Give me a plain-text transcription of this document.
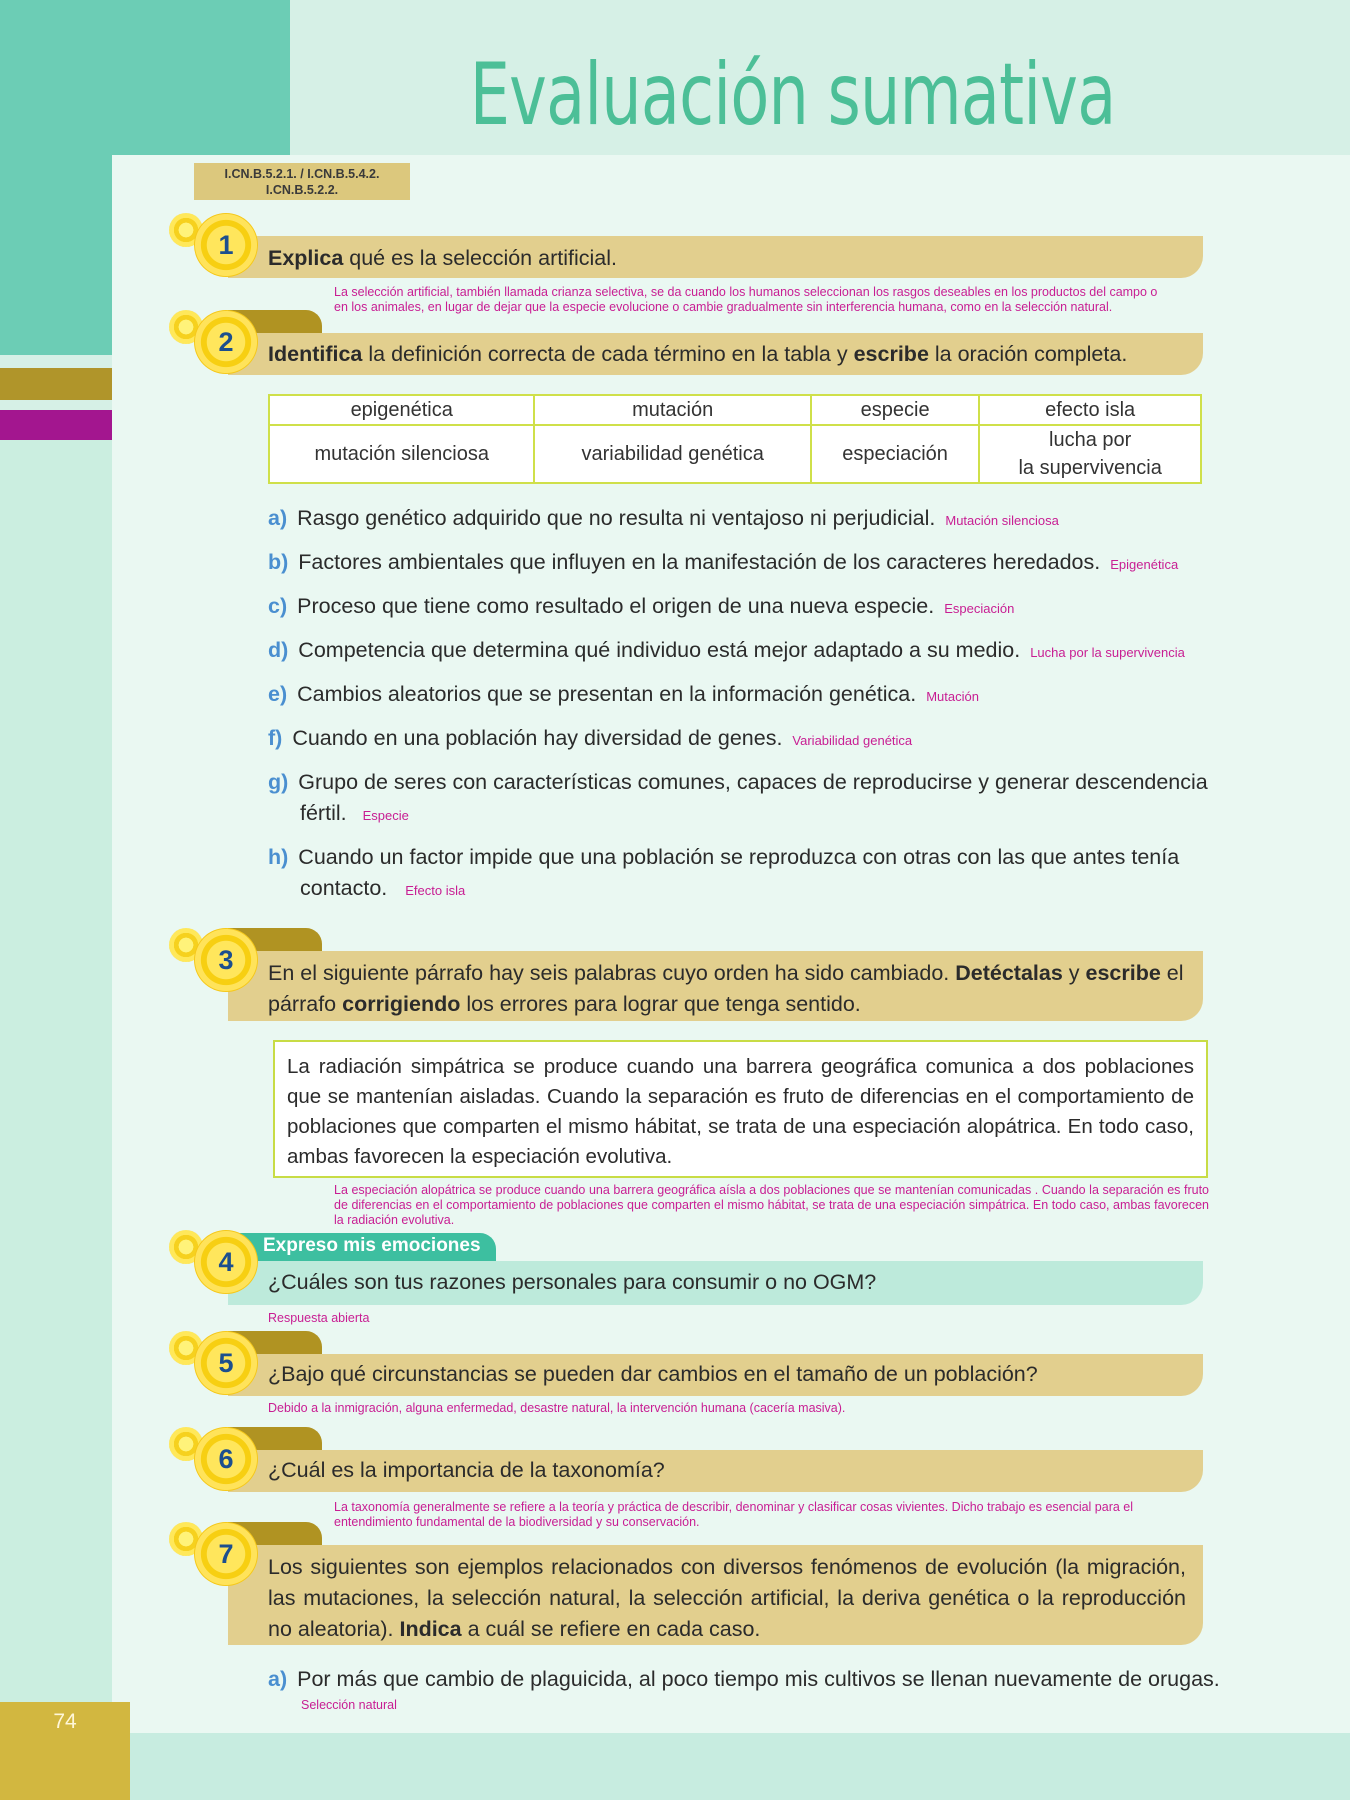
74
Evaluación sumativa
I.CN.B.5.2.1. / I.CN.B.5.4.2.
I.CN.B.5.2.2.
1	Explica qué es la selección artificial.
La selección artificial, también llamada crianza selectiva, se da cuando los humanos seleccionan los rasgos deseables en los productos del campo o en los animales, en lugar de dejar que la especie evolucione o cambie gradualmente sin interferencia humana, como en la selección natural.
2	Identifica la definición correcta de cada término en la tabla y escribe la oración completa.
epigenética	mutación	especie	efecto isla
mutación silenciosa	variabilidad genética	especiación	lucha por
la supervivencia
a) Rasgo genético adquirido que no resulta ni ventajoso ni perjudicial. Mutación silenciosa
b) Factores ambientales que influyen en la manifestación de los caracteres heredados. Epigenética
c) Proceso que tiene como resultado el origen de una nueva especie. Especiación
d) Competencia que determina qué individuo está mejor adaptado a su medio. Lucha por la supervivencia
e) Cambios aleatorios que se presentan en la información genética. Mutación
f) Cuando en una población hay diversidad de genes. Variabilidad genética
g) Grupo de seres con características comunes, capaces de reproducirse y generar descendencia
fértil. Especie
h) Cuando un factor impide que una población se reproduzca con otras con las que antes tenía
contacto. Efecto isla
3	En el siguiente párrafo hay seis palabras cuyo orden ha sido cambiado. Detéctalas y escribe el
párrafo corrigiendo los errores para lograr que tenga sentido.
La radiación simpátrica se produce cuando una barrera geográfica comunica a dos poblaciones que se mantenían aisladas. Cuando la separación es fruto de diferencias en el comportamiento de poblaciones que comparten el mismo hábitat, se trata de una especiación alopátrica. En todo caso, ambas favorecen la especiación evolutiva.
La especiación alopátrica se produce cuando una barrera geográfica aísla a dos poblaciones que se mantenían comunicadas . Cuando la separación es fruto de diferencias en el comportamiento de poblaciones que comparten el mismo hábitat, se trata de una especiación simpátrica. En todo caso, ambas favorecen la radiación evolutiva.
Expreso mis emociones
4
¿Cuáles son tus razones personales para consumir o no OGM?
Respuesta abierta
5	¿Bajo qué circunstancias se pueden dar cambios en el tamaño de un población?
Debido a la inmigración, alguna enfermedad, desastre natural, la intervención humana (cacería masiva).
6	¿Cuál es la importancia de la taxonomía?
La taxonomía generalmente se refiere a la teoría y práctica de describir, denominar y clasificar cosas vivientes. Dicho trabajo es esencial para el entendimiento fundamental de la biodiversidad y su conservación.
7	Los siguientes son ejemplos relacionados con diversos fenómenos de evolución (la migración, las mutaciones, la selección natural, la selección artificial, la deriva genética o la reproducción no aleatoria). Indica a cuál se refiere en cada caso.
a) Por más que cambio de plaguicida, al poco tiempo mis cultivos se llenan nuevamente de orugas.
Selección natural
